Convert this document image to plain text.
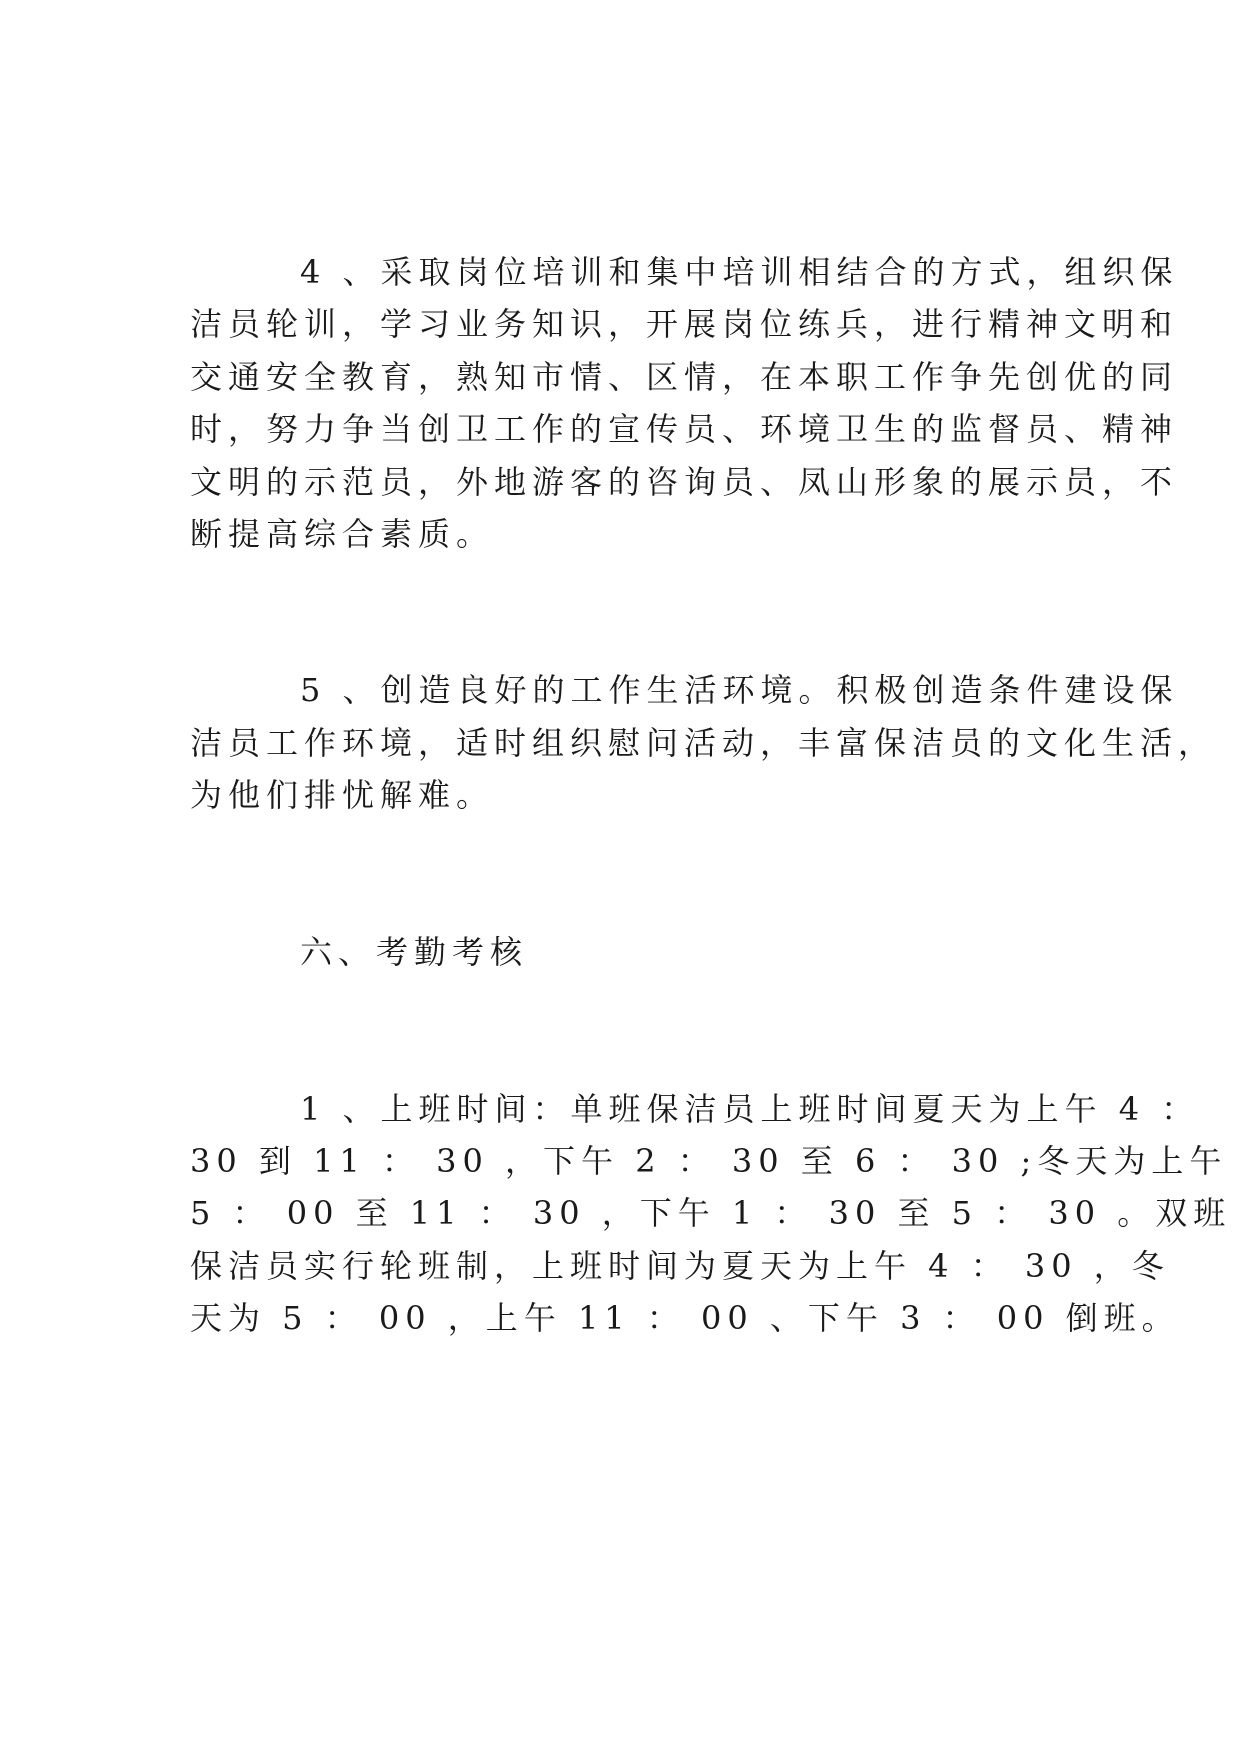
4 、采取岗位培训和集中培训相结合的方式，组织保
洁员轮训，学习业务知识，开展岗位练兵，进行精神文明和
交通安全教育，熟知市情、区情，在本职工作争先创优的同
时，努力争当创卫工作的宣传员、环境卫生的监督员、精神
文明的示范员，外地游客的咨询员、凤山形象的展示员，不
断提高综合素质。
5 、创造良好的工作生活环境。积极创造条件建设保
洁员工作环境，适时组织慰问活动，丰富保洁员的文化生活，
为他们排忧解难。
六、考勤考核
1 、上班时间：单班保洁员上班时间夏天为上午 4 ：
30 到 11 ： 30 ，下午 2 ： 30 至 6 ： 30 ;冬天为上午
5 ： 00 至 11 ： 30 ，下午 1 ： 30 至 5 ： 30 。双班
保洁员实行轮班制，上班时间为夏天为上午 4 ： 30 ，冬
天为 5 ： 00 ，上午 11 ： 00 、下午 3 ： 00 倒班。
